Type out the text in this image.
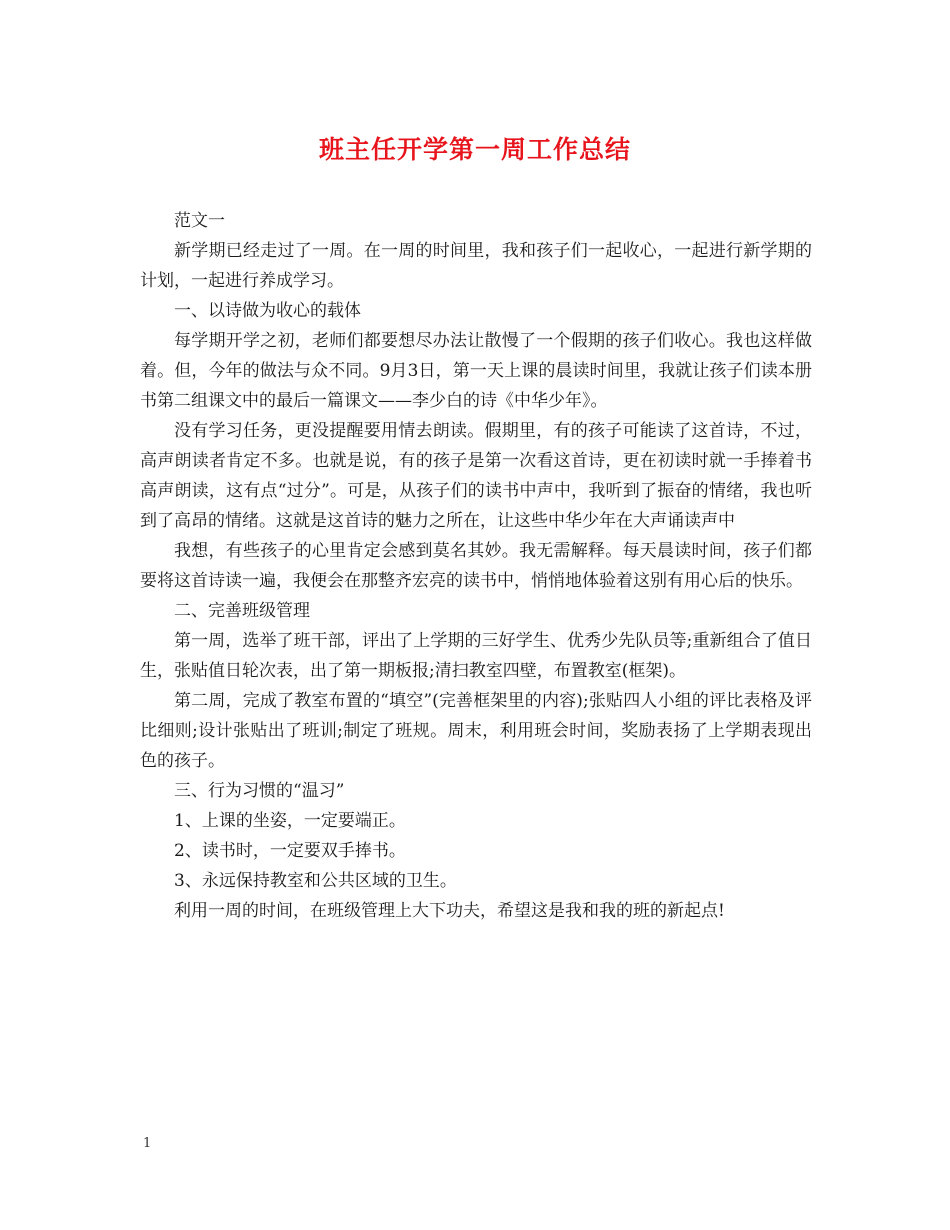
班主任开学第一周工作总结

范文一

新学期已经走过了一周。在一周的时间里，我和孩子们一起收心，一起进行新学期的计划，一起进行养成学习。

一、以诗做为收心的载体

每学期开学之初，老师们都要想尽办法让散慢了一个假期的孩子们收心。我也这样做着。但，今年的做法与众不同。9月3日，第一天上课的晨读时间里，我就让孩子们读本册书第二组课文中的最后一篇课文——李少白的诗《中华少年》。

没有学习任务，更没提醒要用情去朗读。假期里，有的孩子可能读了这首诗，不过，高声朗读者肯定不多。也就是说，有的孩子是第一次看这首诗，更在初读时就一手捧着书高声朗读，这有点“过分”。可是，从孩子们的读书中声中，我听到了振奋的情绪，我也听到了高昂的情绪。这就是这首诗的魅力之所在，让这些中华少年在大声诵读声中

我想，有些孩子的心里肯定会感到莫名其妙。我无需解释。每天晨读时间，孩子们都要将这首诗读一遍，我便会在那整齐宏亮的读书中，悄悄地体验着这别有用心后的快乐。

二、完善班级管理

第一周，选举了班干部，评出了上学期的三好学生、优秀少先队员等;重新组合了值日生，张贴值日轮次表，出了第一期板报;清扫教室四壁，布置教室(框架)。

第二周，完成了教室布置的“填空”(完善框架里的内容);张贴四人小组的评比表格及评比细则;设计张贴出了班训;制定了班规。周末，利用班会时间，奖励表扬了上学期表现出色的孩子。

三、行为习惯的“温习”

1、上课的坐姿，一定要端正。

2、读书时，一定要双手捧书。

3、永远保持教室和公共区域的卫生。

利用一周的时间，在班级管理上大下功夫，希望这是我和我的班的新起点!

1
